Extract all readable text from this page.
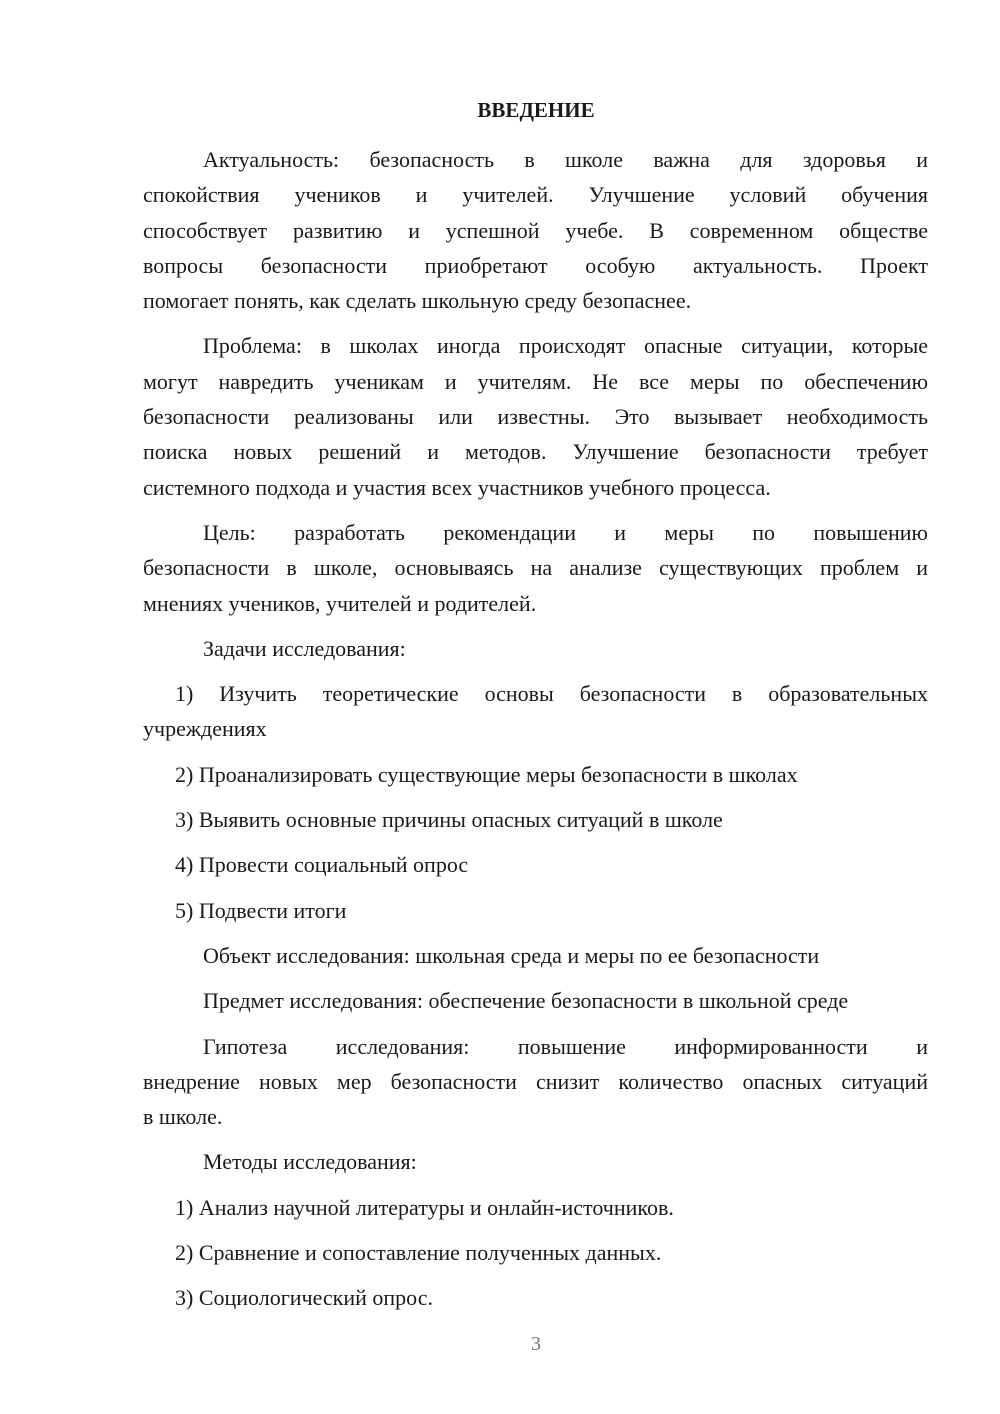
ВВЕДЕНИЕ
Актуальность: безопасность в школе важна для здоровья и
спокойствия учеников и учителей. Улучшение условий обучения
способствует развитию и успешной учебе. В современном обществе
вопросы безопасности приобретают особую актуальность. Проект
помогает понять, как сделать школьную среду безопаснее.
Проблема: в школах иногда происходят опасные ситуации, которые
могут навредить ученикам и учителям. Не все меры по обеспечению
безопасности реализованы или известны. Это вызывает необходимость
поиска новых решений и методов. Улучшение безопасности требует
системного подхода и участия всех участников учебного процесса.
Цель: разработать рекомендации и меры по повышению
безопасности в школе, основываясь на анализе существующих проблем и
мнениях учеников, учителей и родителей.
Задачи исследования:
1) Изучить теоретические основы безопасности в образовательных
учреждениях
2) Проанализировать существующие меры безопасности в школах
3) Выявить основные причины опасных ситуаций в школе
4) Провести социальный опрос
5) Подвести итоги
Объект исследования: школьная среда и меры по ее безопасности
Предмет исследования: обеспечение безопасности в школьной среде
Гипотеза исследования: повышение информированности и
внедрение новых мер безопасности снизит количество опасных ситуаций
в школе.
Методы исследования:
1) Анализ научной литературы и онлайн-источников.
2) Сравнение и сопоставление полученных данных.
3) Социологический опрос.
3
